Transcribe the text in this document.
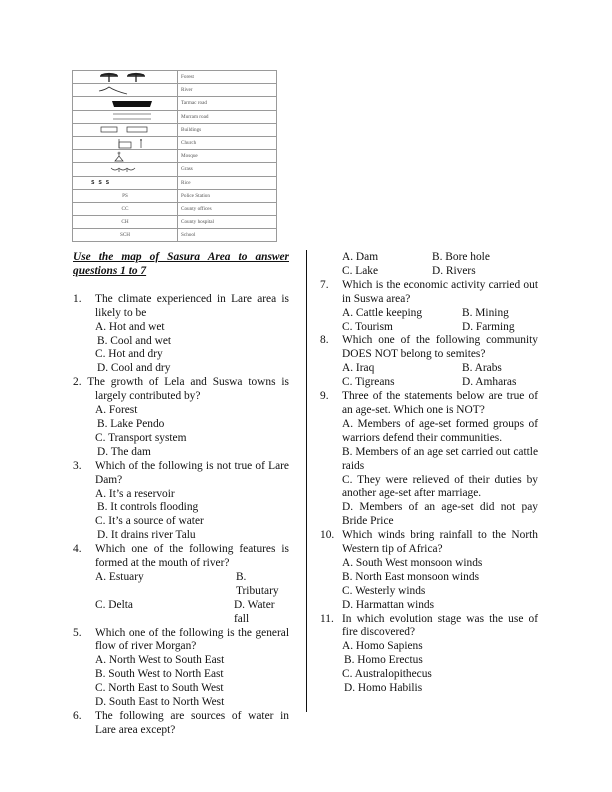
	Forest

	River

	Tarmac road

	Murram road

	Buildings

	Church

	Mosque

	Grass
S S S	Rice
PS	Police Station
CC	County offices
CH	County hospital
SCH	School
Use the map of Sasura Area to answer questions 1 to 7
1. The climate experienced in Lare area is likely to be
A. Hot and wet
B. Cool and wet
C. Hot and dry
D. Cool and dry
2. The growth of Lela and Suswa towns is
largely contributed by?
A. Forest
B. Lake Pendo
C. Transport system
D. The dam
3. Which of the following is not true of Lare Dam?
A. It’s a reservoir
B. It controls flooding
C. It’s a source of water
D. It drains river Talu
4. Which one of the following features is formed at the mouth of river?
A. Estuary	B. Tributary
C. Delta	D. Water fall
5. Which one of the following is the general flow of river Morgan?
A. North West to South East
B. South West to North East
C. North East to South West
D. South East to North West
6. The following are sources of water in Lare area except?
A. Dam	B. Bore hole
C. Lake	D. Rivers
7. Which is the economic activity carried out in Suswa area?
A. Cattle keeping	B. Mining
C. Tourism	D. Farming
8. Which one of the following community DOES NOT belong to semites?
A. Iraq	B. Arabs
C. Tigreans	D. Amharas
9. Three of the statements below are true of an age-set. Which one is NOT?
A. Members of age-set formed groups of warriors defend their communities.
B. Members of an age set carried out cattle raids
C. They were relieved of their duties by another age-set after marriage.
D. Members of an age-set did not pay Bride Price
10. Which winds bring rainfall to the North Western tip of Africa?
A. South West monsoon winds
B. North East monsoon winds
C. Westerly winds
D. Harmattan winds
11. In which evolution stage was the use of fire discovered?
A. Homo Sapiens
B. Homo Erectus
C. Australopithecus
D. Homo Habilis
